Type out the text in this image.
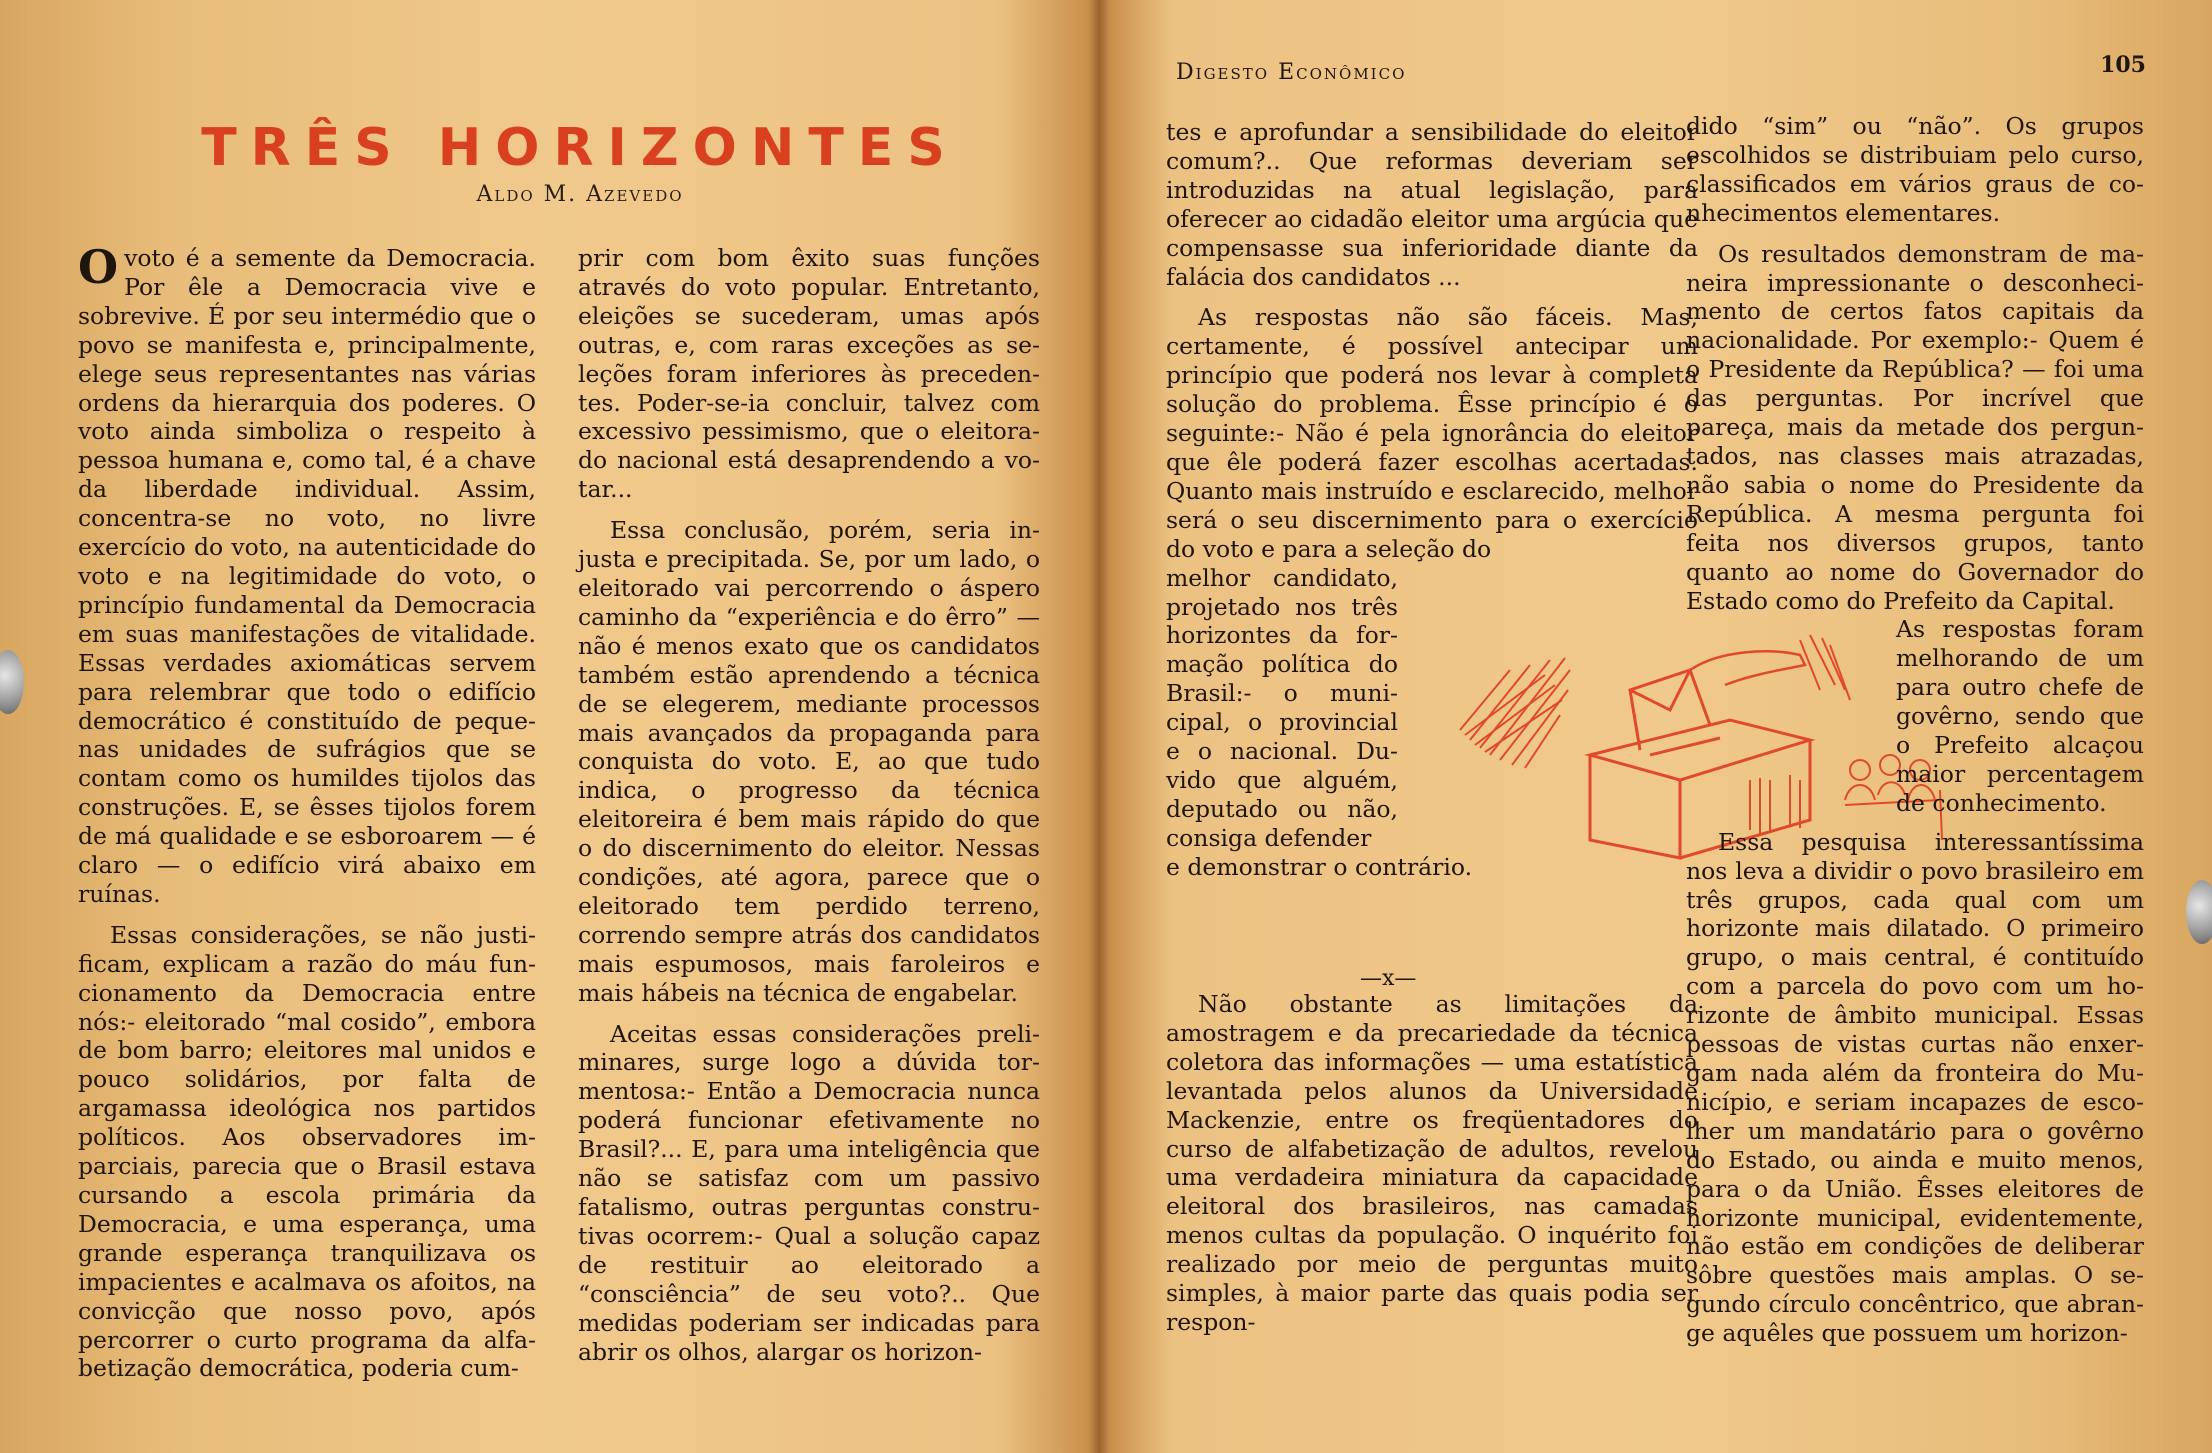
TRÊS HORIZONTES
Aldo M. Azevedo

Ovoto é a semente da Democracia. Por êle a Democracia vive e sobrevive. É por seu intermédio que o povo se manifesta e, principalmente, elege seus representantes nas várias ordens da hierarquia dos poderes. O voto ainda simboliza o respeito à pessoa humana e, como tal, é a chave da liberdade individual. Assim, concentra-se no voto, no livre exercício do voto, na autenticidade do voto e na legitimidade do voto, o princípio fundamental da Democracia em suas manifestações de vitalidade. Essas verdades axiomáticas servem para relembrar que todo o edifício democrático é constituído de pequenas unidades de sufrágios que se contam como os humildes tijolos das construções. E, se êsses tijolos forem de má qualidade e se esboroarem — é claro — o edifício virá abaixo em ruínas.

Essas considerações, se não justificam, explicam a razão do máu funcionamento da Democracia entre nós:- eleitorado “mal cosido”, embora de bom barro; eleitores mal unidos e pouco solidários, por falta de argamassa ideológica nos partidos políticos. Aos observadores imparciais, parecia que o Brasil estava cursando a escola primária da Democracia, e uma esperança, uma grande esperança tranquilizava os impacientes e acalmava os afoitos, na convicção que nosso povo, após percorrer o curto programa da alfabetização democrática, poderia cum-

prir com bom êxito suas funções através do voto popular. Entretanto, eleições se sucederam, umas após outras, e, com raras exceções as seleções foram inferiores às precedentes. Poder-se-ia concluir, talvez com excessivo pessimismo, que o eleitorado nacional está desaprendendo a votar...

Essa conclusão, porém, seria injusta e precipitada. Se, por um lado, o eleitorado vai percorrendo o áspero caminho da “experiência e do êrro” — não é menos exato que os candidatos também estão aprendendo a técnica de se elegerem, mediante processos mais avançados da propaganda para conquista do voto. E, ao que tudo indica, o progresso da técnica eleitoreira é bem mais rápido do que o do discernimento do eleitor. Nessas condições, até agora, parece que o eleitorado tem perdido terreno, correndo sempre atrás dos candidatos mais espumosos, mais faroleiros e mais hábeis na técnica de engabelar.

Aceitas essas considerações preliminares, surge logo a dúvida tormentosa:- Então a Democracia nunca poderá funcionar efetivamente no Brasil?... E, para uma inteligência que não se satisfaz com um passivo fatalismo, outras perguntas construtivas ocorrem:- Qual a solução capaz de restituir ao eleitorado a “consciência” de seu voto?.. Que medidas poderiam ser indicadas para abrir os olhos, alargar os horizon-

Digesto Econômico	105

tes e aprofundar a sensibilidade do eleitor comum?.. Que reformas deveriam ser introduzidas na atual legislação, para oferecer ao cidadão eleitor uma argúcia que compensasse sua inferioridade diante da falácia dos candidatos ...

As respostas não são fáceis. Mas, certamente, é possível antecipar um princípio que poderá nos levar à completa solução do problema. Êsse princípio é o seguinte:- Não é pela ignorância do eleitor que êle poderá fazer escolhas acertadas. Quanto mais instruído e esclarecido, melhor será o seu discernimento para o exercício do voto e para a seleção do

melhor candidato, projetado nos três horizontes da formação política do Brasil:- o municipal, o provincial e o nacional. Duvido que alguém, deputado ou não, consiga defender
e demonstrar o contrário.
—x—

Não obstante as limitações da amostragem e da precariedade da técnica coletora das informações — uma estatística levantada pelos alunos da Universidade Mackenzie, entre os freqüentadores do curso de alfabetização de adultos, revelou uma verdadeira miniatura da capacidade eleitoral dos brasileiros, nas camadas menos cultas da população. O inquérito foi realizado por meio de perguntas muito simples, à maior parte das quais podia ser respon-

dido “sim” ou “não”. Os grupos escolhidos se distribuiam pelo curso, classificados em vários graus de conhecimentos elementares.

Os resultados demonstram de maneira impressionante o desconhecimento de certos fatos capitais da nacionalidade. Por exemplo:- Quem é o Presidente da República? — foi uma das perguntas. Por incrível que pareça, mais da metade dos perguntados, nas classes mais atrazadas, não sabia o nome do Presidente da República. A mesma pergunta foi feita nos diversos grupos, tanto quanto ao nome do Governador do Estado como do Prefeito da Capital.

As respostas foram melhorando de um para outro chefe de govêrno, sendo que o Prefeito alcaçou maior percentagem de conhecimento.

Essa pesquisa interessantíssima nos leva a dividir o povo brasileiro em três grupos, cada qual com um horizonte mais dilatado. O primeiro grupo, o mais central, é contituído com a parcela do povo com um horizonte de âmbito municipal. Essas pessoas de vistas curtas não enxergam nada além da fronteira do Município, e seriam incapazes de escolher um mandatário para o govêrno do Estado, ou ainda e muito menos, para o da União. Êsses eleitores de horizonte municipal, evidentemente, não estão em condições de deliberar sôbre questões mais amplas. O segundo círculo concêntrico, que abrange aquêles que possuem um horizon-
